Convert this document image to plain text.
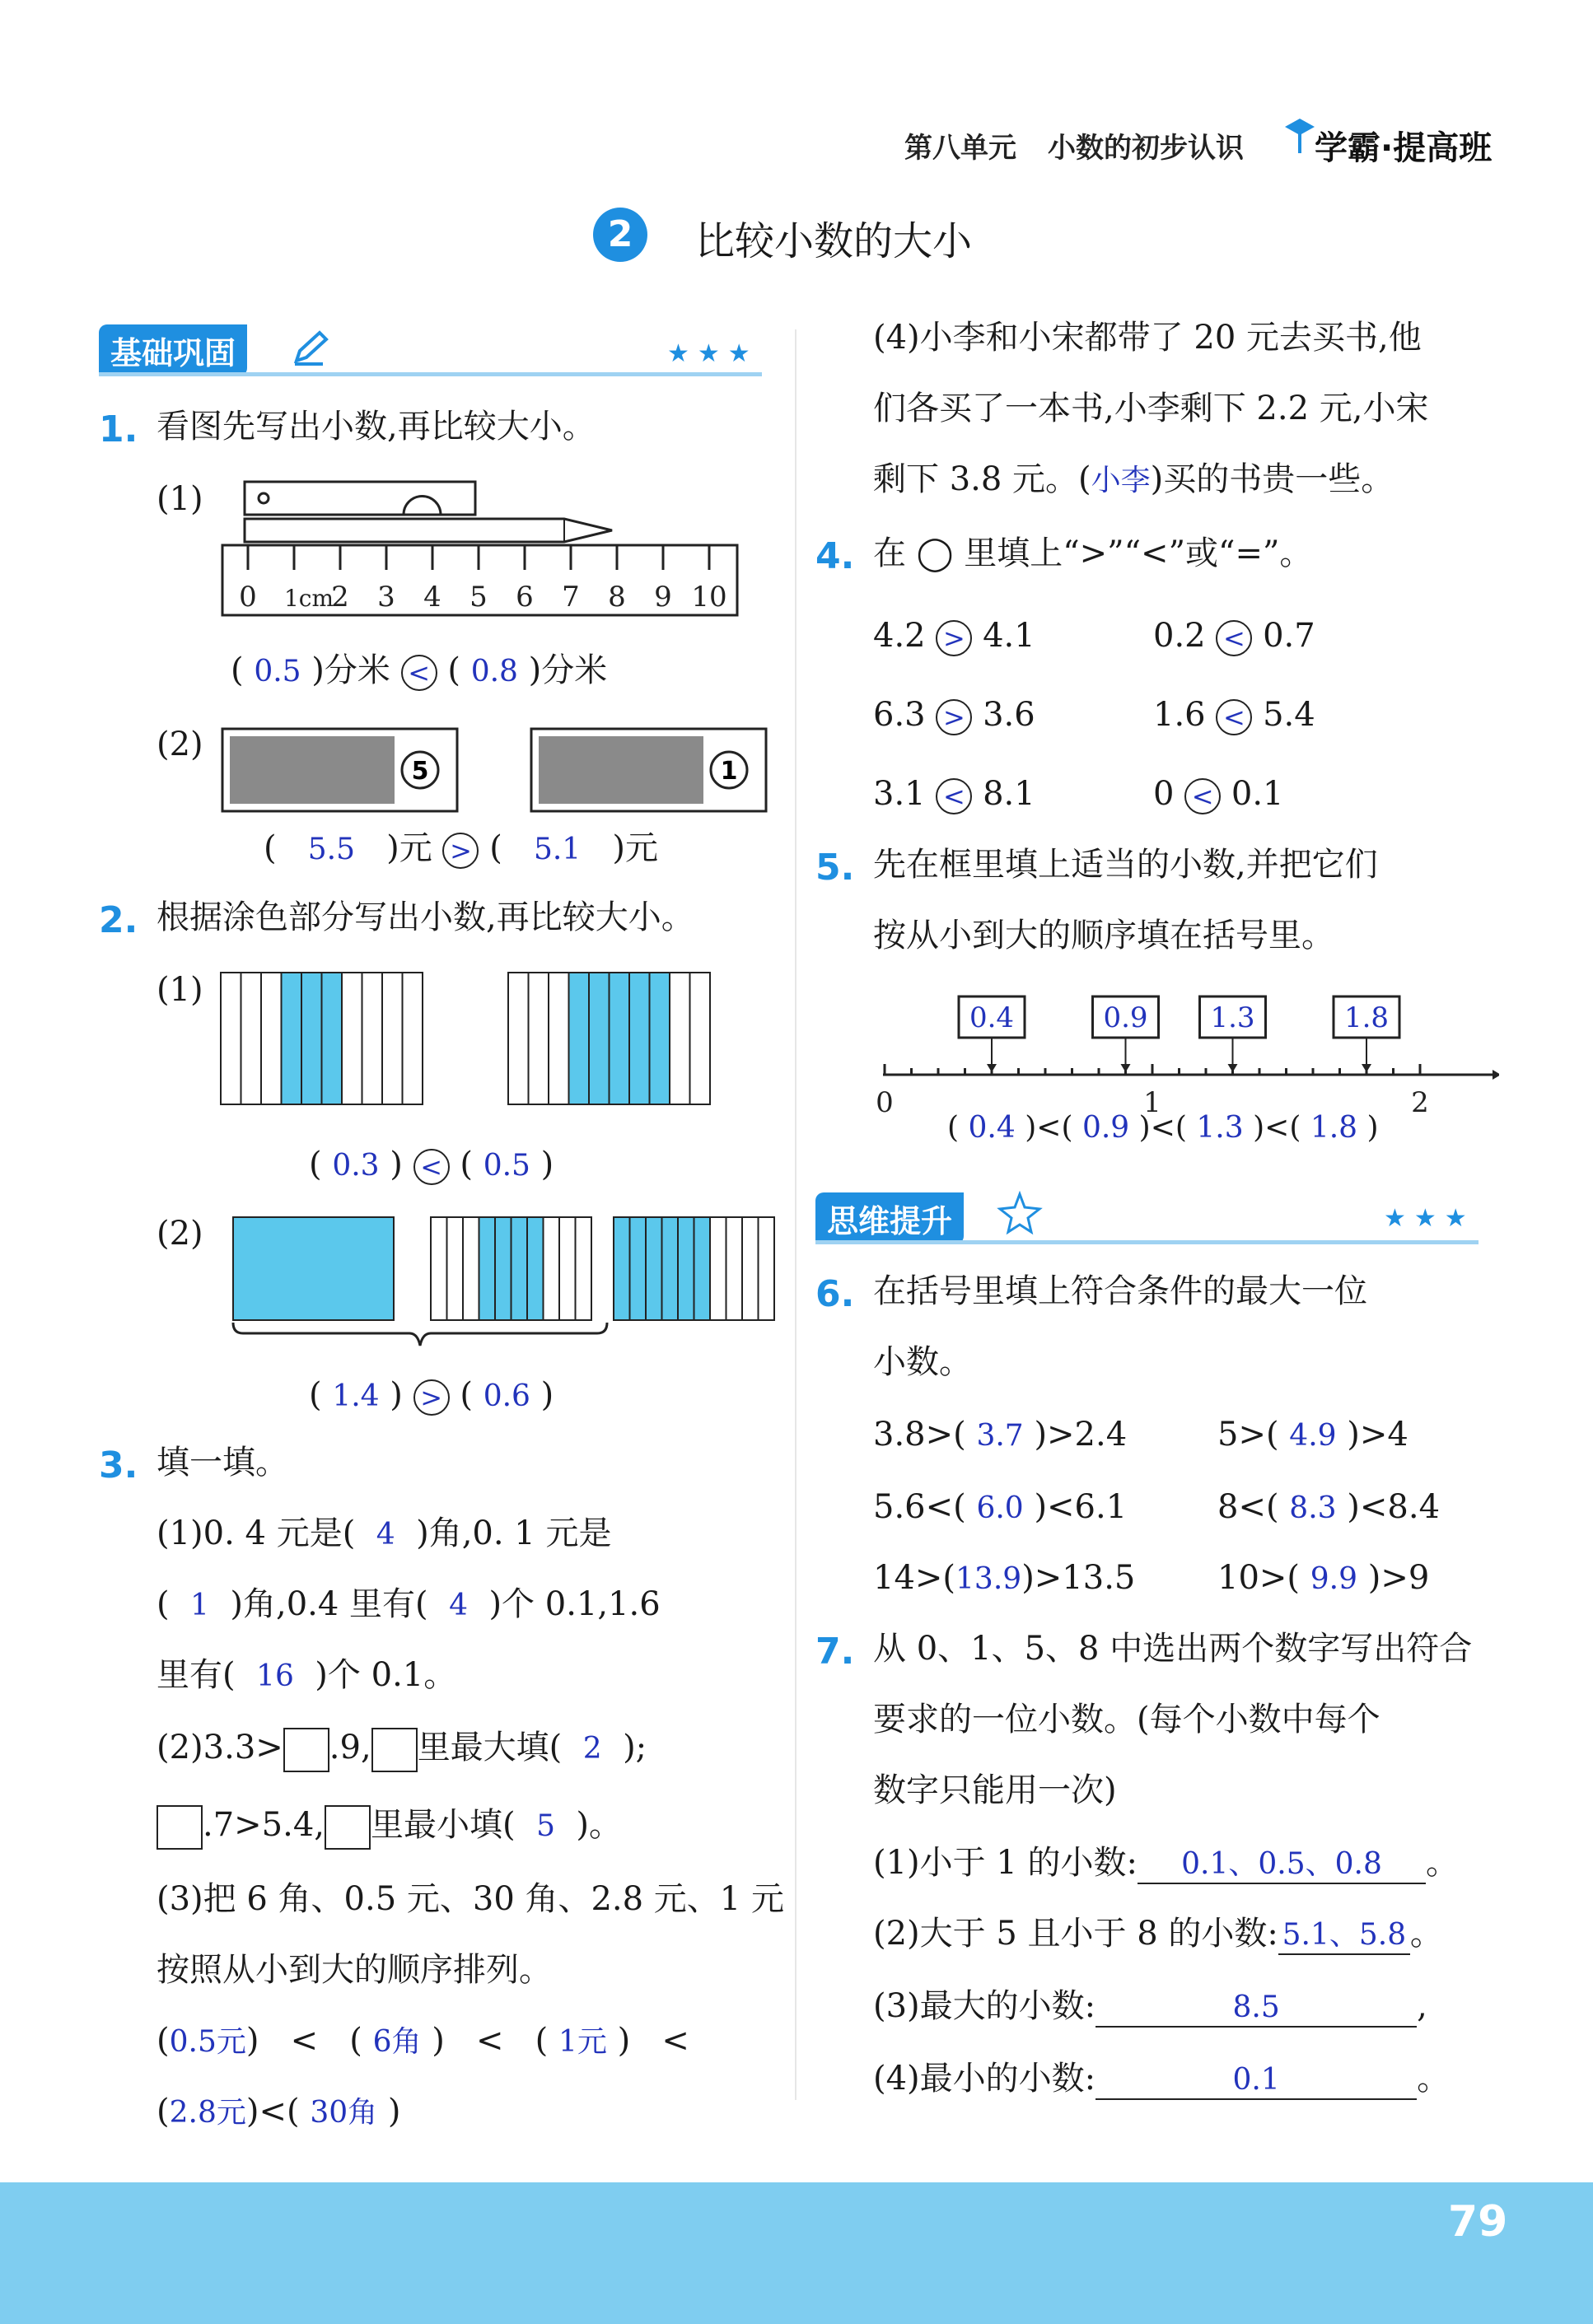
第八单元 小数的初步认识 学霸·提高班
2	比较小数的大小
基础巩固	★★★
1. 看图先写出小数,再比较大小。
(1)
0 1cm
2 3 4 5 6 7 8 9 10
( 0.5 )分米 < ( 0.8 )分米
(2)
5	1
(   5.5   )元 > (   5.1   )元
2. 根据涂色部分写出小数,再比较大小。
(1)
( 0.3 ) < ( 0.5 )
(2)
( 1.4 ) > ( 0.6 )
3. 填一填。
(1)0. 4 元是( 4 )角,0. 1 元是
( 1 )角,0.4 里有( 4 )个 0.1,1.6
里有( 16 )个 0.1。
(2)3.3> .9, 里最大填( 2 );
.7>5.4, 里最小填( 5 )。
(3)把 6 角、0.5 元、30 角、2.8 元、1 元
按照从小到大的顺序排列。
(0.5元)   <   ( 6角 )   <   ( 1元 )   <
(2.8元)<( 30角 )
(4)小李和小宋都带了 20 元去买书,他
们各买了一本书,小李剩下 2.2 元,小宋
剩下 3.8 元。(小李)买的书贵一些。
4. 在 ◯ 里填上“>”“<”或“=”。
4.2 > 4.1	0.2 < 0.7
6.3 > 3.6	1.6 < 5.4
3.1 < 8.1	0 < 0.1
5. 先在框里填上适当的小数,并把它们
按从小到大的顺序填在括号里。
0.4	0.9 1.3	1.8
0	1	2
( 0.4 )<( 0.9 )<( 1.3 )<( 1.8 )
思维提升	★★★
6. 在括号里填上符合条件的最大一位
小数。
3.8>( 3.7 )>2.4	5>( 4.9 )>4
5.6<( 6.0 )<6.1	8<( 8.3 )<8.4
14>(13.9)>13.5 10>( 9.9 )>9
7. 从 0、1、5、8 中选出两个数字写出符合
要求的一位小数。(每个小数中每个
数字只能用一次)
(1)小于 1 的小数: 0.1、0.5、0.8 。
(2)大于 5 且小于 8 的小数: 5.1、5.8 。
(3)最大的小数:	8.5	,
(4)最小的小数:	0.1	。
79
